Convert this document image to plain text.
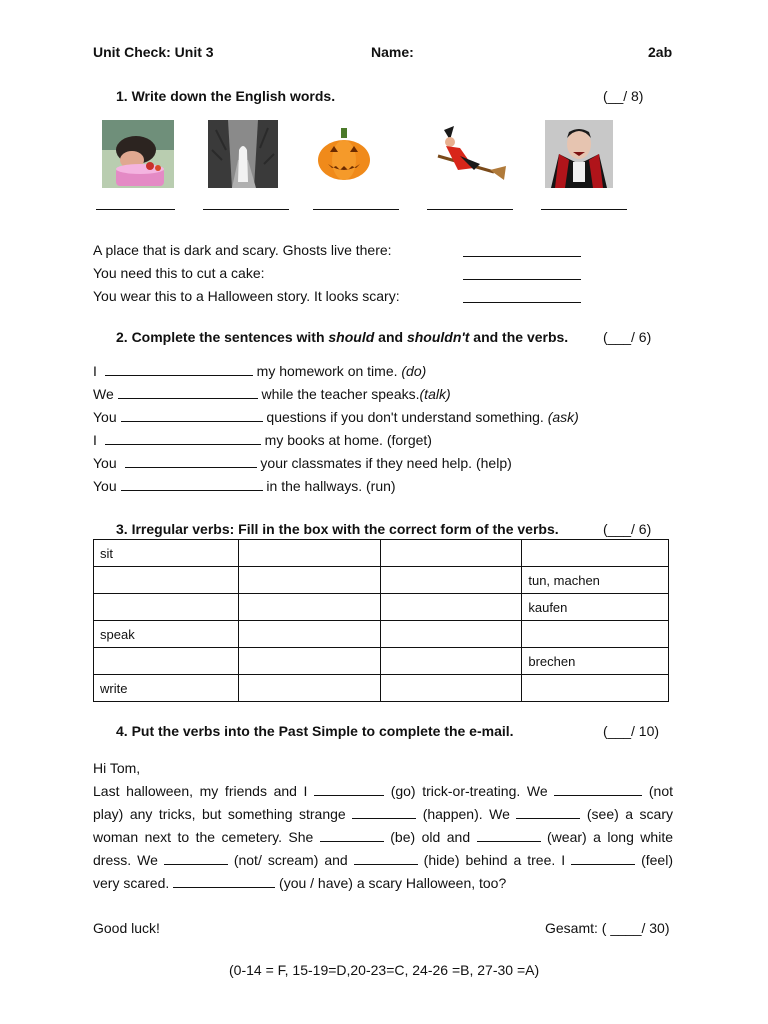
Unit Check: Unit 3	Name:	2ab
1. Write down the English words.	(__/ 8)
A place that is dark and scary. Ghosts live there:
You need this to cut a cake:
You wear this to a Halloween story. It looks scary:
2. Complete the sentences with should and shouldn't and the verbs. (___/ 6)
I	my homework on time. (do)
We	while the teacher speaks.(talk)
You	questions if you don't understand something. (ask)
I	my books at home. (forget)
You	your classmates if they need help. (help)
You	in the hallways. (run)
3. Irregular verbs: Fill in the box with the correct form of the verbs.	(___/ 6)
sit			
			tun, machen
			kaufen
speak			
			brechen
write			
4. Put the verbs into the Past Simple to complete the e-mail.	(___/ 10)

Hi Tom,

Last halloween, my friends and I	(go) trick-or-treating. We	(not play) any tricks, but something strange	(happen). We	(see) a scary woman next to the cemetery. She	(be) old and	(wear) a long white dress. We	(not/ scream) and	(hide) behind a tree. I	(feel) very scared.	(you / have) a scary Halloween, too?

Good luck!	Gesamt: ( ____/ 30)
(0-14 = F, 15-19=D,20-23=C, 24-26 =B, 27-30 =A)
